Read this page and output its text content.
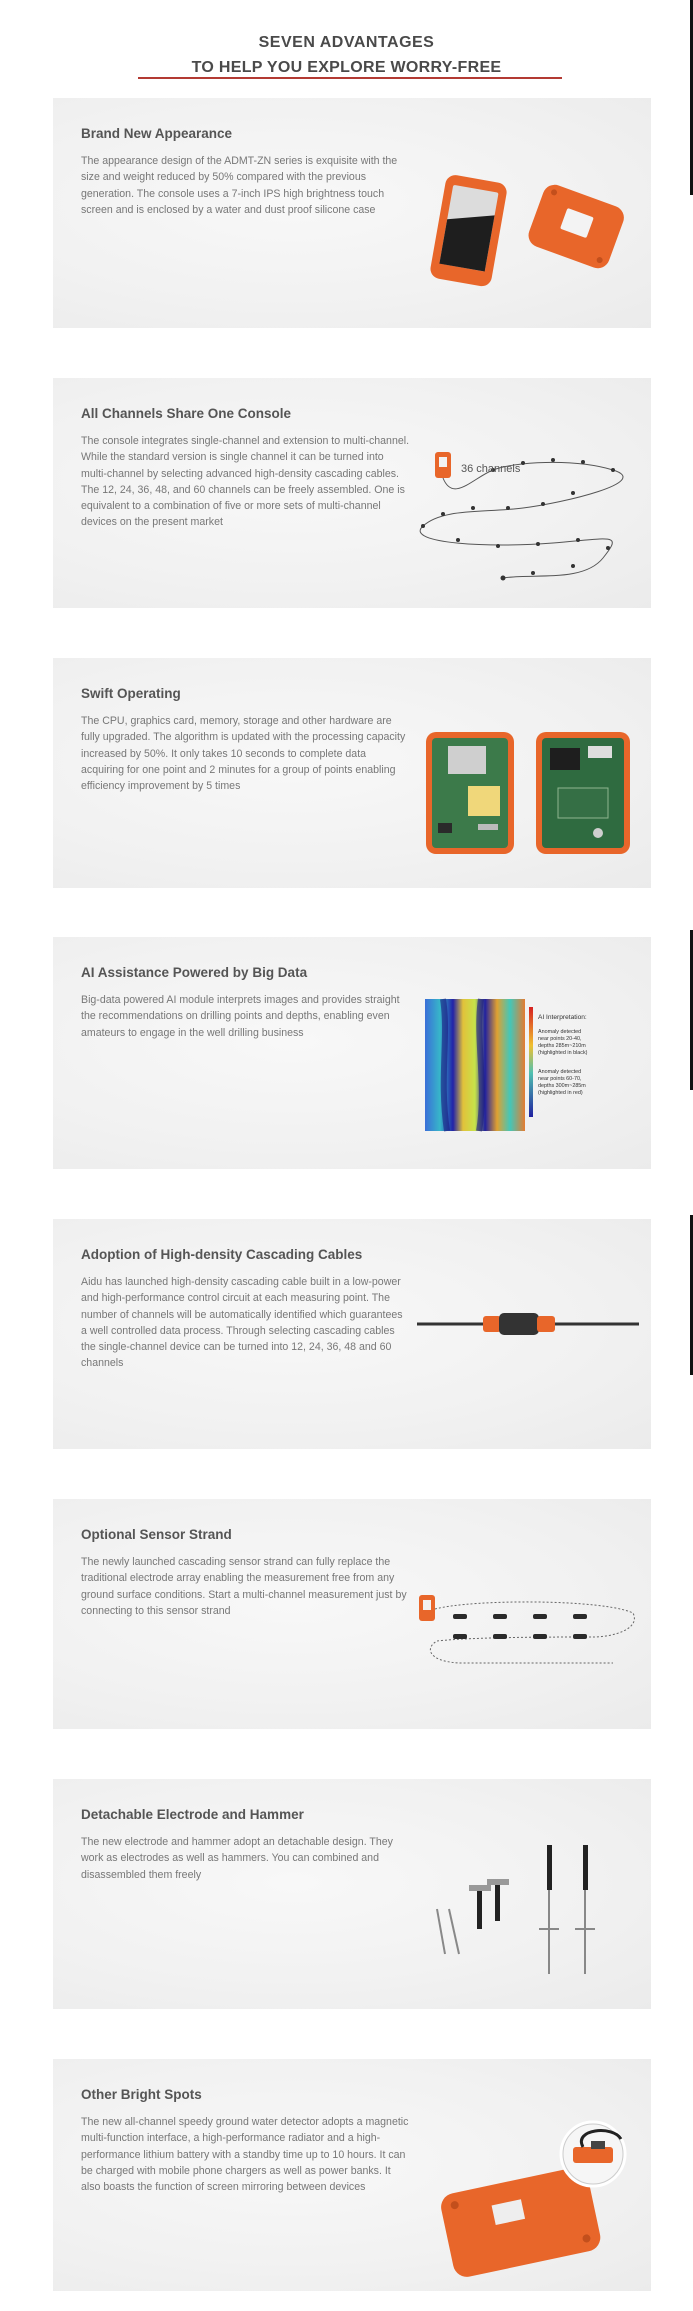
SEVEN ADVANTAGES
TO HELP YOU EXPLORE WORRY-FREE
Brand New Appearance
The appearance design of the ADMT-ZN series is exquisite with the size and weight reduced by 50% compared with the previous generation. The console uses a 7-inch IPS high brightness touch screen and is enclosed by a water and dust proof silicone case
All Channels Share One Console
The console integrates single-channel and extension to multi-channel. While the standard version is single channel it can be turned into multi-channel by selecting advanced high-density cascading cables. The 12, 24, 36, 48, and 60 channels can be freely assembled. One is equivalent to a combination of five or more sets of multi-channel devices on the present market
36 channels
Swift Operating
The CPU, graphics card, memory, storage and other hardware are fully upgraded. The algorithm is updated with the processing capacity increased by 50%. It only takes 10 seconds to complete data acquiring for one point and 2 minutes for a group of points enabling efficiency improvement by 5 times
AI Assistance Powered by Big Data
Big-data powered AI module interprets images and provides straight the recommendations on drilling points and depths, enabling even amateurs to engage in the well drilling business
AI Interpretation:
Anomaly detected
near points 20-40,
depths 285m~210m
(highlighted in black)
Anomaly detected
near points 60-70,
depths 300m~285m
(highlighted in red)
Adoption of High-density Cascading Cables
Aidu has launched high-density cascading cable built in a low-power and high-performance control circuit at each measuring point. The number of channels will be automatically identified which guarantees a well controlled data process. Through selecting cascading cables the single-channel device can be turned into 12, 24, 36, 48 and 60 channels
Optional Sensor Strand
The newly launched cascading sensor strand can fully replace the traditional electrode array enabling the measurement free from any ground surface conditions. Start a multi-channel measurement just by connecting to this sensor strand
Detachable Electrode and Hammer
The new electrode and hammer adopt an detachable design. They work as electrodes as well as hammers. You can combined and disassembled them freely
Other Bright Spots
The new all-channel speedy ground water detector adopts a magnetic multi-function interface, a high-performance radiator and a high-performance lithium battery with a standby time up to 10 hours. It can be charged with mobile phone chargers as well as power banks. It also boasts the function of screen mirroring between devices
